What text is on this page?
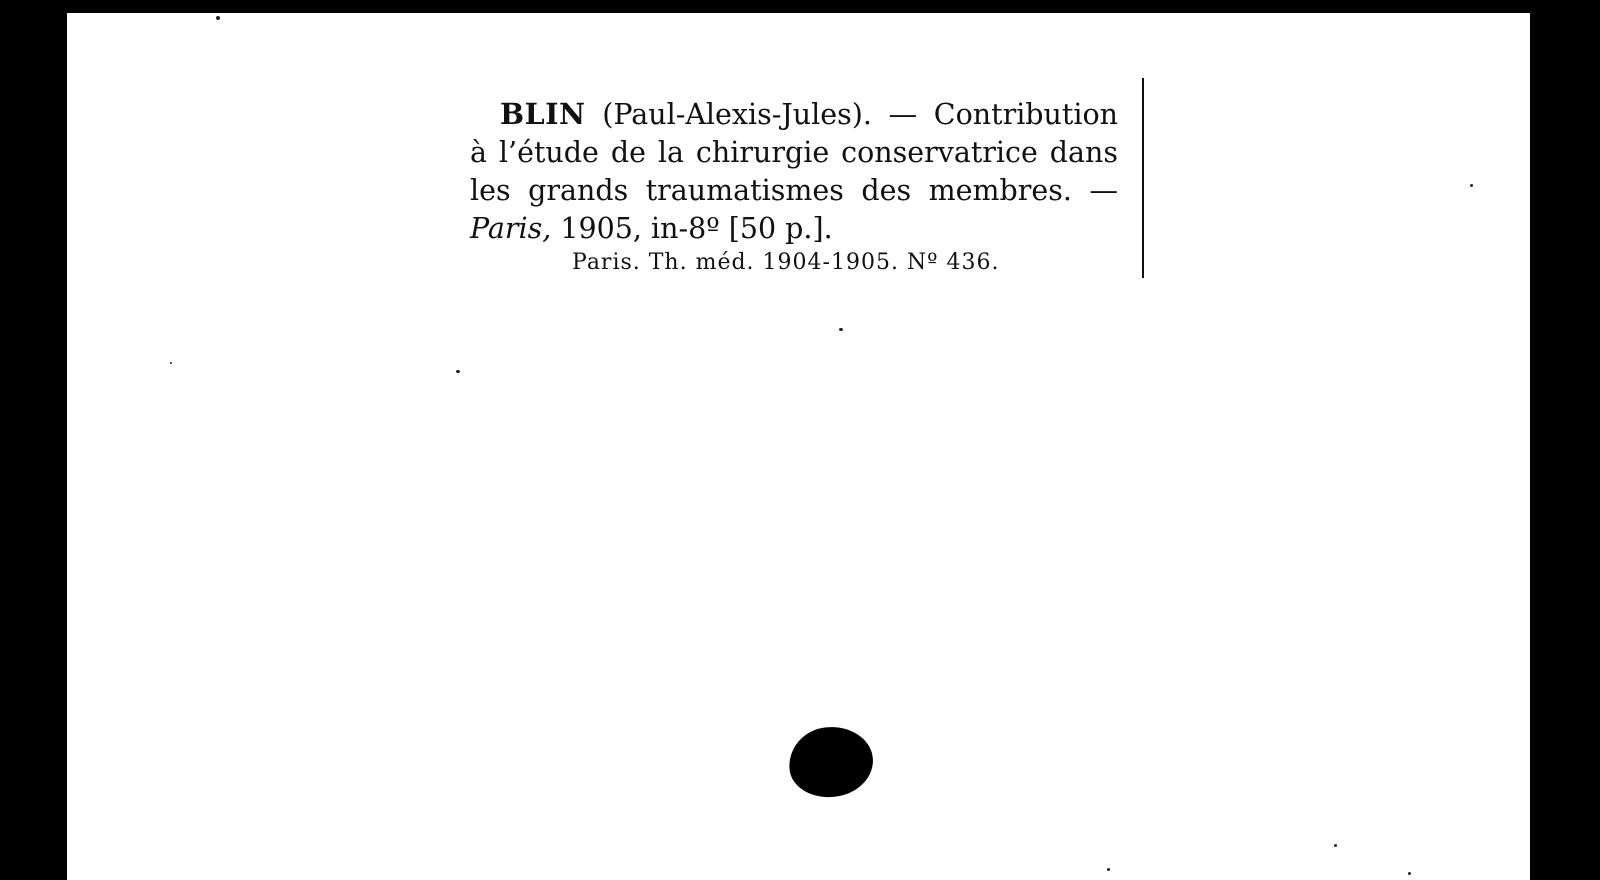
BLIN (Paul-Alexis-Jules). — Contribution
à l’étude de la chirurgie conservatrice dans
les grands traumatismes des membres. —
Paris, 1905, in-8º [50 p.].
Paris. Th. méd. 1904-1905. Nº 436.
